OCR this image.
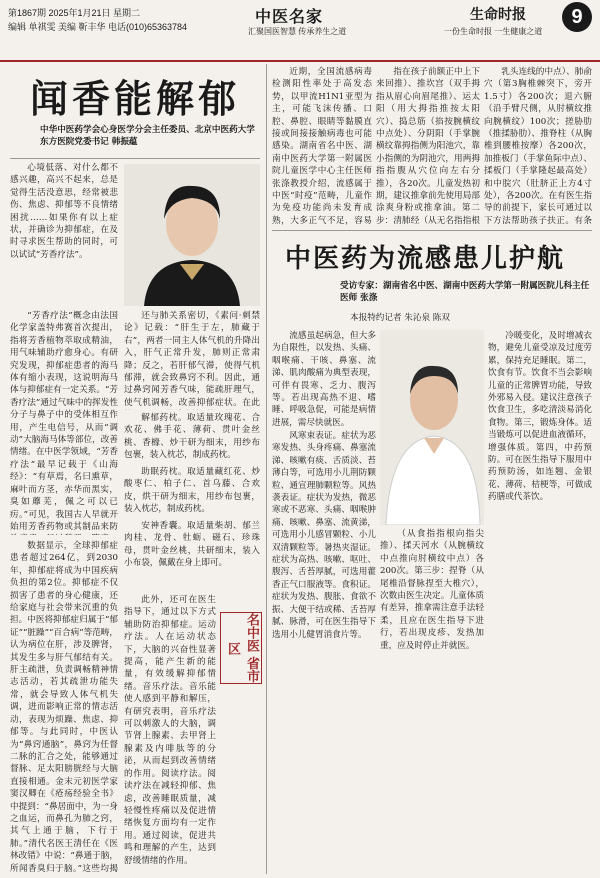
第1867期 2025年1月21日 星期二
编辑 单祺雯 美编 靳丰华 电话(010)65363784
中医名家
汇聚国医智慧 传承养生之道
生命时报
一份生命时报 一生健康之道
9
闻香能解郁
中华中医药学会心身医学分会主任委员、北京中医药大学东方医院党委书记 韩振蕴

心境低落、对什么都不感兴趣，高兴不起来，总是觉得生活没意思，经常被悲伤、焦虑、抑郁等不良情绪困扰……如果你有以上症状，并确诊为抑郁症，在及时寻求医生帮助的同时，可以试试“芳香疗法”。

“芳香疗法”概念由法国化学家盖特弗赛首次提出，指将芳香植物萃取成精油，用气味辅助疗愈身心。有研究发现，抑郁症患者的海马体有缩小表现，这说明海马体与抑郁症有一定关系。“芳香疗法”通过气味中的挥发性分子与鼻子中的受体相互作用，产生电信号，从而“调动”大脑海马体等部位，改善情绪。在中医学领域，“芳香疗法”最早记载于《山海经》：“有草焉，名曰熏草，麻叶而方茎，赤华而黑实，臭如蘼芜，佩之可以已疠。”可见，我国古人早就开始用芳香药物或其制品来防

数据显示，全球抑郁症患者超过264亿，到2030年，抑郁症将成为中国疾病负担的第2位。抑郁症不仅损害了患者的身心健康，还给家庭与社会带来沉重的负担。中医将抑郁症归属于“郁证”“脏躁”“百合病”等范畴，认为病位在肝，涉及脾肾，其发生多与肝气郁结有关。肝主疏泄，负责调畅精神情志活动，若其疏泄功能失常，就会导致人体气机失调，进而影响正常的情志活动，表现为烦躁、焦虑、抑郁等。与此同时，中医认为“鼻窍通脑”，鼻窍为任督二脉的汇合之处，能够通过督脉、足太阳膀胱经与大脑直接相通。金末元初医学家窦汉卿在《疮疡经验全书》中提到：“鼻居面中，为一身之血运，而鼻孔为肺之窍，其气上通于脑，下行于肺。”清代名医王清任在《医林改错》中说：“鼻通于脑，所闻香臭归于脑。”这些均揭

还与肺关系密切，《素问·刺禁论》记载：“肝生于左，肺藏于右”，两者一同主人体气机的升降出入，肝气正常升发，肺则正常肃降；反之，若肝郁气滞，使得气机郁滞，就会致鼻窍不利。因此，通过鼻窍闻芳香气味，能疏肝理气，使气机调畅，改善抑郁症状。在此

解郁药枕。取适量玫瑰花、合欢花、佛手花、薄荷、贯叶金丝桃、香橼、炒干研为细末，用纱布包裹，装入枕芯，制成药枕。

助眠药枕。取适量藏红花、炒酸枣仁、柏子仁、首乌藤、合欢皮，烘干研为细末，用纱布包裹，装入枕芯，制成药枕。

安神香囊。取适量柴胡、郁兰肉桂、龙骨、牡蛎、磁石、珍珠母，贯叶金丝桃，共研细末，装入小布袋，佩戴在身上即可。

此外，还可在医生指导下，通过以下方式辅助防治抑郁症。运动疗法。人在运动状态下，大脑的兴奋性显著提高，能产生新的能量，有效缓解抑郁情绪。音乐疗法。音乐能使人感到平静和解压，有研究表明，音乐疗法可以刺激人的大脑，调节肾上腺素、去甲肾上腺素及内啡肽等的分泌，从而起到改善情绪的作用。阅读疗法。阅读疗法在减轻抑郁、焦虑，改善睡眠质量，减轻慢性疼痛以及促进情绪恢复方面均有一定作用。通过阅读，促进共鸣和理解的产生，达到舒缓情绪的作用。

名中医 省市区

近期，全国流感病毒检测阳性率处于高发态势，以甲流H1N1亚型为主，可能飞沫传播、口腔、鼻腔、眼睛等黏膜直接或间接接触病毒也可能感染。湖南省名中医、湖南中医药大学第一附属医院儿童医学中心主任医师张涤教授介绍，流感属于中医“时疫”范畴，儿童作为免疫功能尚未发育成熟，大多正气不足，容易

指在孩子前额正中上下来回推）、推坎宫（双手拇指从眉心向眉尾推）、运太阳（用大拇指推按太阳穴）、捣总筋（掐按腕横纹中点处）、分阴阳（手掌腕横纹靠拇指侧为阳池穴，靠小指侧的为阴池穴，用两拇指指腹从穴位向左右分推），各20次。儿童发热初期，建议推拿前先使用局部涂爽身粉或推拿油。第二步：清肺经（从无名指指根

乳头连线的中点）、肺俞穴（第3胸椎棘突下，旁开1.5寸）各200次；退六腑（沿手臂尺侧，从肘横纹推向腕横纹）100次；搓胁肋（推揉胁肋）、推脊柱（从胸椎到腰椎按摩）各200次，加推板门（手掌鱼际中点）、揉板门（手掌隆起最高处）和中脘穴（肚脐正上方4寸处），各200次。在有医生指导的前提下，家长可通过以下方法帮助孩子扶正。有条

中医药为流感患儿护航
受访专家：湖南省名中医、湖南中医药大学第一附属医院儿科主任医师 张涤
本报特约记者 朱沁泉 陈双

流感虽起病急，但大多为自限性，以发热、头痛、咽喉痛、干咳、鼻塞、流涕、肌肉酸痛为典型表现，可伴有畏寒、乏力、腹泻等。若出现高热不退、嗜睡、呼吸急促，可能是病情进展，需尽快就医。

风寒束表证。症状为恶寒发热、头身疼痛、鼻塞流涕、咳嗽有痰、舌质淡、苔薄白等，可选用小儿荆防颗粒、通宣理肺颗粒等。风热袭表证。症状为发热，微恶寒或不恶寒、头痛、咽喉肿痛、咳嗽、鼻塞、流黄涕，可选用小儿感冒颗粒、小儿双清颗粒等。暑热夹湿证。症状为高热、咳嗽、呕吐、腹泻、舌苔厚腻，可选用藿香正气口服液等。食积证。症状为发热、腹胀、食欲不振、大便干结或稀、舌苔厚腻、脉滑，可在医生指导下选用小儿健胃消食片等。

（从食指指根向指尖推）、揉天河水（从腕横纹中点推向肘横纹中点）各200次。第三步：捏脊（从尾椎沿督脉捏至大椎穴），次数由医生决定。儿童体质有差异，推拿需注意手法轻柔，且应在医生指导下进行，若出现皮疹、发热加重，应及时停止并就医。

冷暖变化，及时增减衣物，避免儿童受凉及过度劳累，保持充足睡眠。第二，饮食有节。饮食不当会影响儿童的正常脾胃功能，导致外邪易入侵。建议注意孩子饮食卫生，多吃清淡易消化食物。第三，锻炼身体。适当锻炼可以促进血液循环，增强体质。第四，中药预防。可在医生指导下服用中药预防汤，如连翘、金银花、薄荷、桔梗等，可做成药膳或代茶饮。
